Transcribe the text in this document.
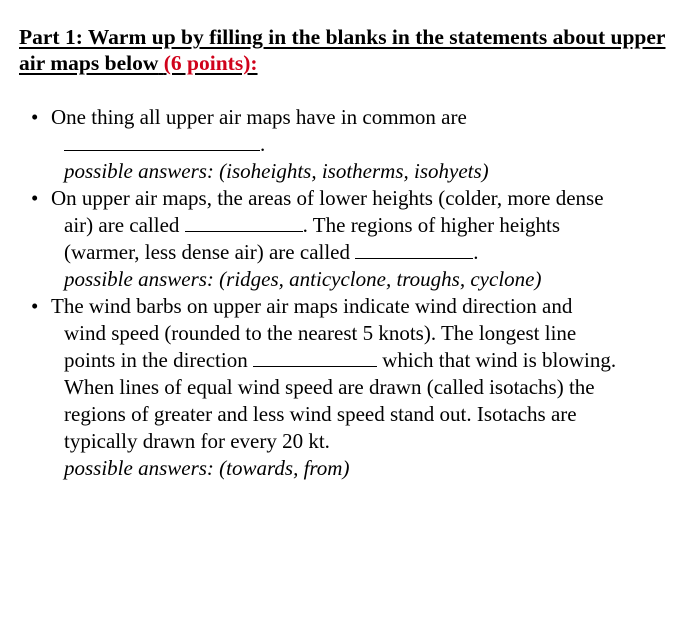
Part 1: Warm up by filling in the blanks in the statements about upper air maps below (6 points):
• One thing all upper air maps have in common are
.
possible answers: (isoheights, isotherms, isohyets)
• On upper air maps, the areas of lower heights (colder, more dense
air) are called	. The regions of higher heights
(warmer, less dense air) are called	.
possible answers: (ridges, anticyclone, troughs, cyclone)
• The wind barbs on upper air maps indicate wind direction and
wind speed (rounded to the nearest 5 knots). The longest line
points in the direction	which that wind is blowing.
When lines of equal wind speed are drawn (called isotachs) the
regions of greater and less wind speed stand out. Isotachs are
typically drawn for every 20 kt.
possible answers: (towards, from)
